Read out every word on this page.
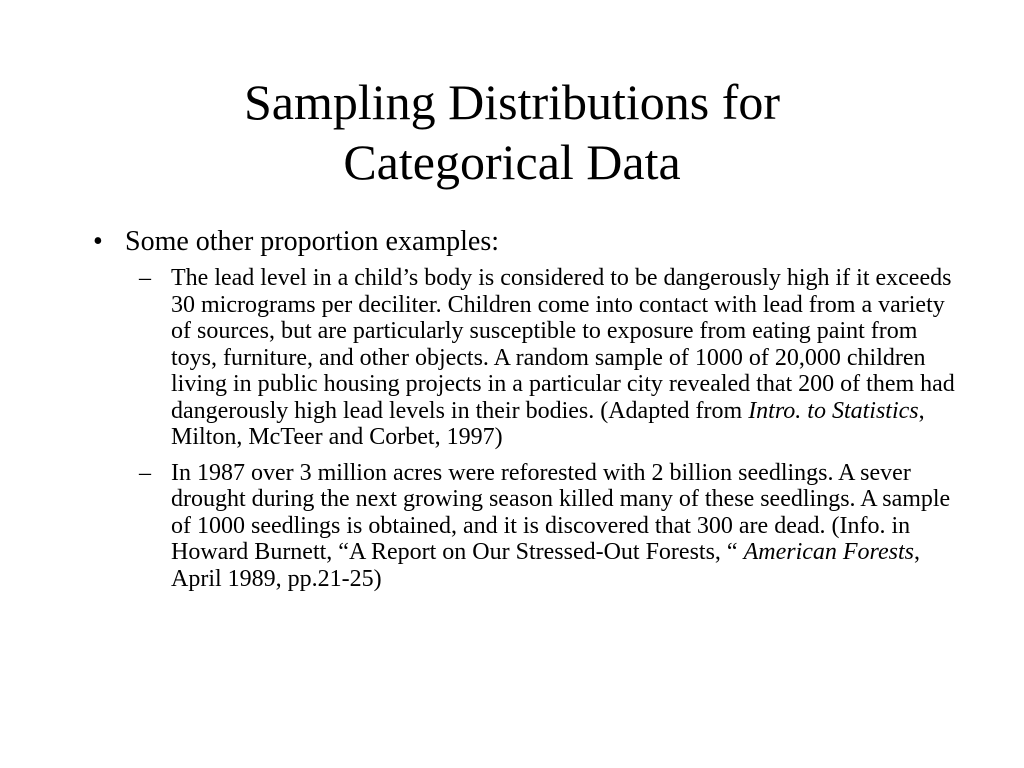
Sampling Distributions for
Categorical Data
• Some other proportion examples:
– The lead level in a child’s body is considered to be dangerously high if it exceeds 30 micrograms per deciliter. Children come into contact with lead from a variety of sources, but are particularly susceptible to exposure from eating paint from toys, furniture, and other objects. A random sample of 1000 of 20,000 children living in public housing projects in a particular city revealed that 200 of them had dangerously high lead levels in their bodies. (Adapted from Intro. to Statistics, Milton, McTeer and Corbet, 1997)
– In 1987 over 3 million acres were reforested with 2 billion seedlings. A sever drought during the next growing season killed many of these seedlings. A sample of 1000 seedlings is obtained, and it is discovered that 300 are dead. (Info. in Howard Burnett, “A Report on Our Stressed-Out Forests, “ American Forests, April 1989, pp.21-25)
